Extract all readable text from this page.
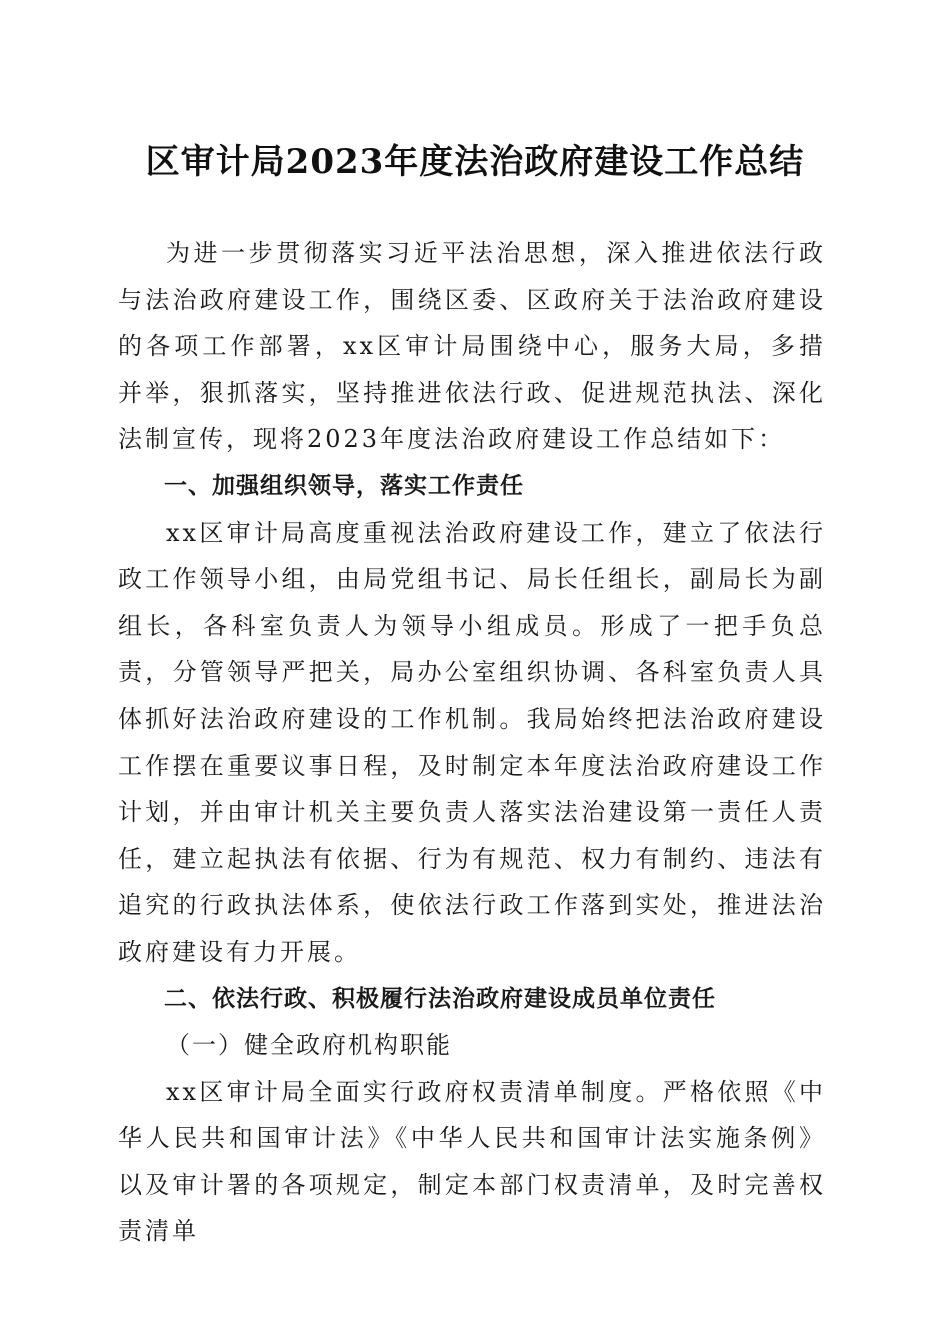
区审计局2023年度法治政府建设工作总结

为进一步贯彻落实习近平法治思想，深入推进依法行政与法治政府建设工作，围绕区委、区政府关于法治政府建设的各项工作部署，xx区审计局围绕中心，服务大局，多措并举，狠抓落实，坚持推进依法行政、促进规范执法、深化法制宣传，现将2023年度法治政府建设工作总结如下：

一、加强组织领导，落实工作责任

xx区审计局高度重视法治政府建设工作，建立了依法行政工作领导小组，由局党组书记、局长任组长，副局长为副组长，各科室负责人为领导小组成员。形成了一把手负总责，分管领导严把关，局办公室组织协调、各科室负责人具体抓好法治政府建设的工作机制。我局始终把法治政府建设工作摆在重要议事日程，及时制定本年度法治政府建设工作计划，并由审计机关主要负责人落实法治建设第一责任人责任，建立起执法有依据、行为有规范、权力有制约、违法有追究的行政执法体系，使依法行政工作落到实处，推进法治政府建设有力开展。

二、依法行政、积极履行法治政府建设成员单位责任

（一）健全政府机构职能

xx区审计局全面实行政府权责清单制度。严格依照《中华人民共和国审计法》《中华人民共和国审计法实施条例》以及审计署的各项规定，制定本部门权责清单，及时完善权责清单
